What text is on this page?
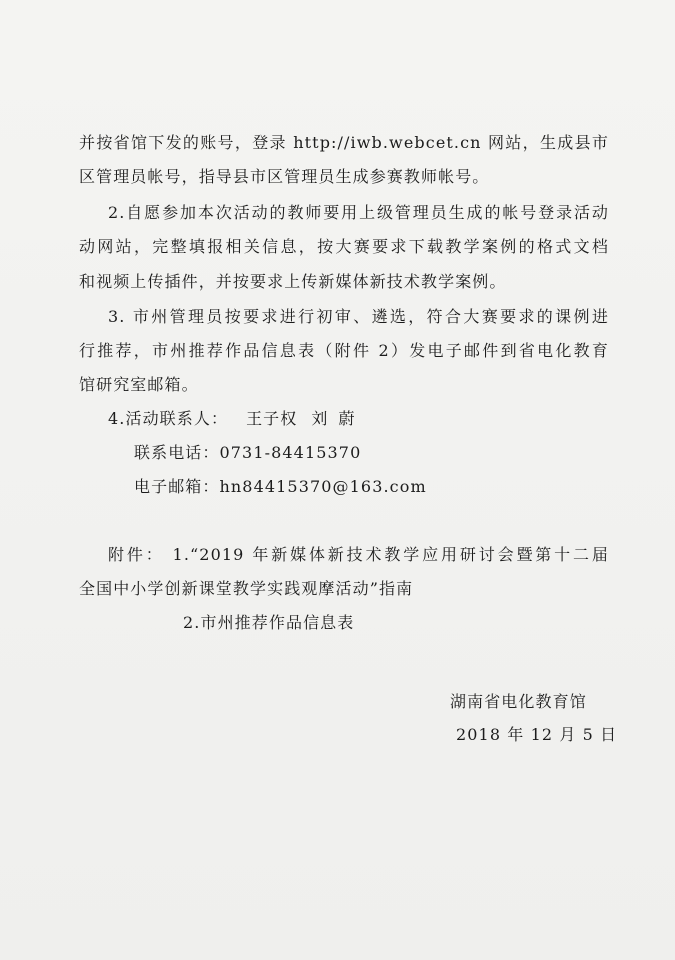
并按省馆下发的账号，登录 http://iwb.webcet.cn 网站，生成县市
区管理员帐号，指导县市区管理员生成参赛教师帐号。
2.自愿参加本次活动的教师要用上级管理员生成的帐号登录活动
动网站，完整填报相关信息，按大赛要求下载教学案例的格式文档
和视频上传插件，并按要求上传新媒体新技术教学案例。
3. 市州管理员按要求进行初审、遴选，符合大赛要求的课例进
行推荐，市州推荐作品信息表（附件 2）发电子邮件到省电化教育
馆研究室邮箱。
4.活动联系人： 王子权 刘 蔚
联系电话：0731-84415370
电子邮箱：hn84415370@163.com
附件： 1.“2019 年新媒体新技术教学应用研讨会暨第十二届
全国中小学创新课堂教学实践观摩活动”指南
2.市州推荐作品信息表
湖南省电化教育馆
2018 年 12 月 5 日
